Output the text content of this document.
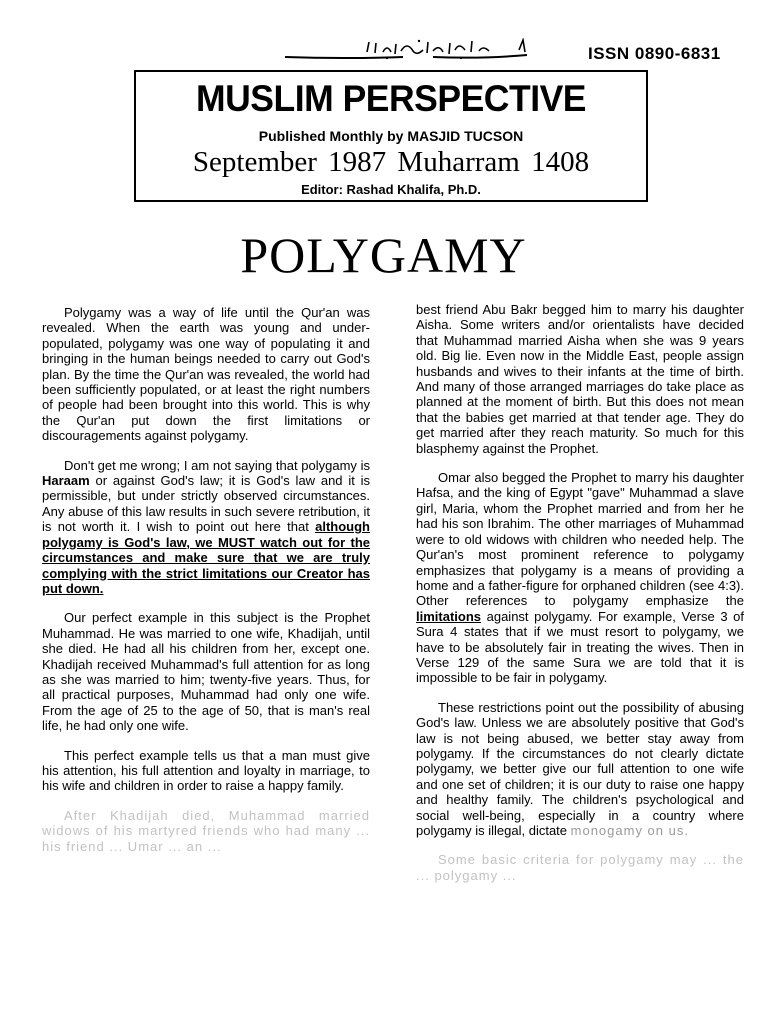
ISSN 0890-6831
MUSLIM PERSPECTIVE
Published Monthly by MASJID TUCSON
September 1987 Muharram 1408
Editor: Rashad Khalifa, Ph.D.
POLYGAMY

Polygamy was a way of life until the Qur'an was revealed. When the earth was young and under-populated, polygamy was one way of populating it and bringing in the human beings needed to carry out God's plan. By the time the Qur'an was revealed, the world had been sufficiently populated, or at least the right numbers of people had been brought into this world. This is why the Qur'an put down the first limitations or discouragements against polygamy.

Don't get me wrong; I am not saying that polygamy is Haraam or against God's law; it is God's law and it is permissible, but under strictly observed circumstances. Any abuse of this law results in such severe retribution, it is not worth it. I wish to point out here that although polygamy is God's law, we MUST watch out for the circumstances and make sure that we are truly complying with the strict limitations our Creator has put down.

Our perfect example in this subject is the Prophet Muhammad. He was married to one wife, Khadijah, until she died. He had all his children from her, except one. Khadijah received Muhammad's full attention for as long as she was married to him; twenty-five years. Thus, for all practical purposes, Muhammad had only one wife. From the age of 25 to the age of 50, that is man's real life, he had only one wife.

This perfect example tells us that a man must give his attention, his full attention and loyalty in marriage, to his wife and children in order to raise a happy family.

After Khadijah died, Muhammad married widows of his martyred friends who had many ... his friend ... Umar ... an ...

best friend Abu Bakr begged him to marry his daughter Aisha. Some writers and/or orientalists have decided that Muhammad married Aisha when she was 9 years old. Big lie. Even now in the Middle East, people assign husbands and wives to their infants at the time of birth. And many of those arranged marriages do take place as planned at the moment of birth. But this does not mean that the babies get married at that tender age. They do get married after they reach maturity. So much for this blasphemy against the Prophet.

Omar also begged the Prophet to marry his daughter Hafsa, and the king of Egypt "gave" Muhammad a slave girl, Maria, whom the Prophet married and from her he had his son Ibrahim. The other marriages of Muhammad were to old widows with children who needed help. The Qur'an's most prominent reference to polygamy emphasizes that polygamy is a means of providing a home and a father-figure for orphaned children (see 4:3). Other references to polygamy emphasize the limitations against polygamy. For example, Verse 3 of Sura 4 states that if we must resort to polygamy, we have to be absolutely fair in treating the wives. Then in Verse 129 of the same Sura we are told that it is impossible to be fair in polygamy.

These restrictions point out the possibility of abusing God's law. Unless we are absolutely positive that God's law is not being abused, we better stay away from polygamy. If the circumstances do not clearly dictate polygamy, we better give our full attention to one wife and one set of children; it is our duty to raise one happy and healthy family. The children's psychological and social well-being, especially in a country where polygamy is illegal, dictate monogamy on us.

Some basic criteria for polygamy may ... the ... polygamy ...
